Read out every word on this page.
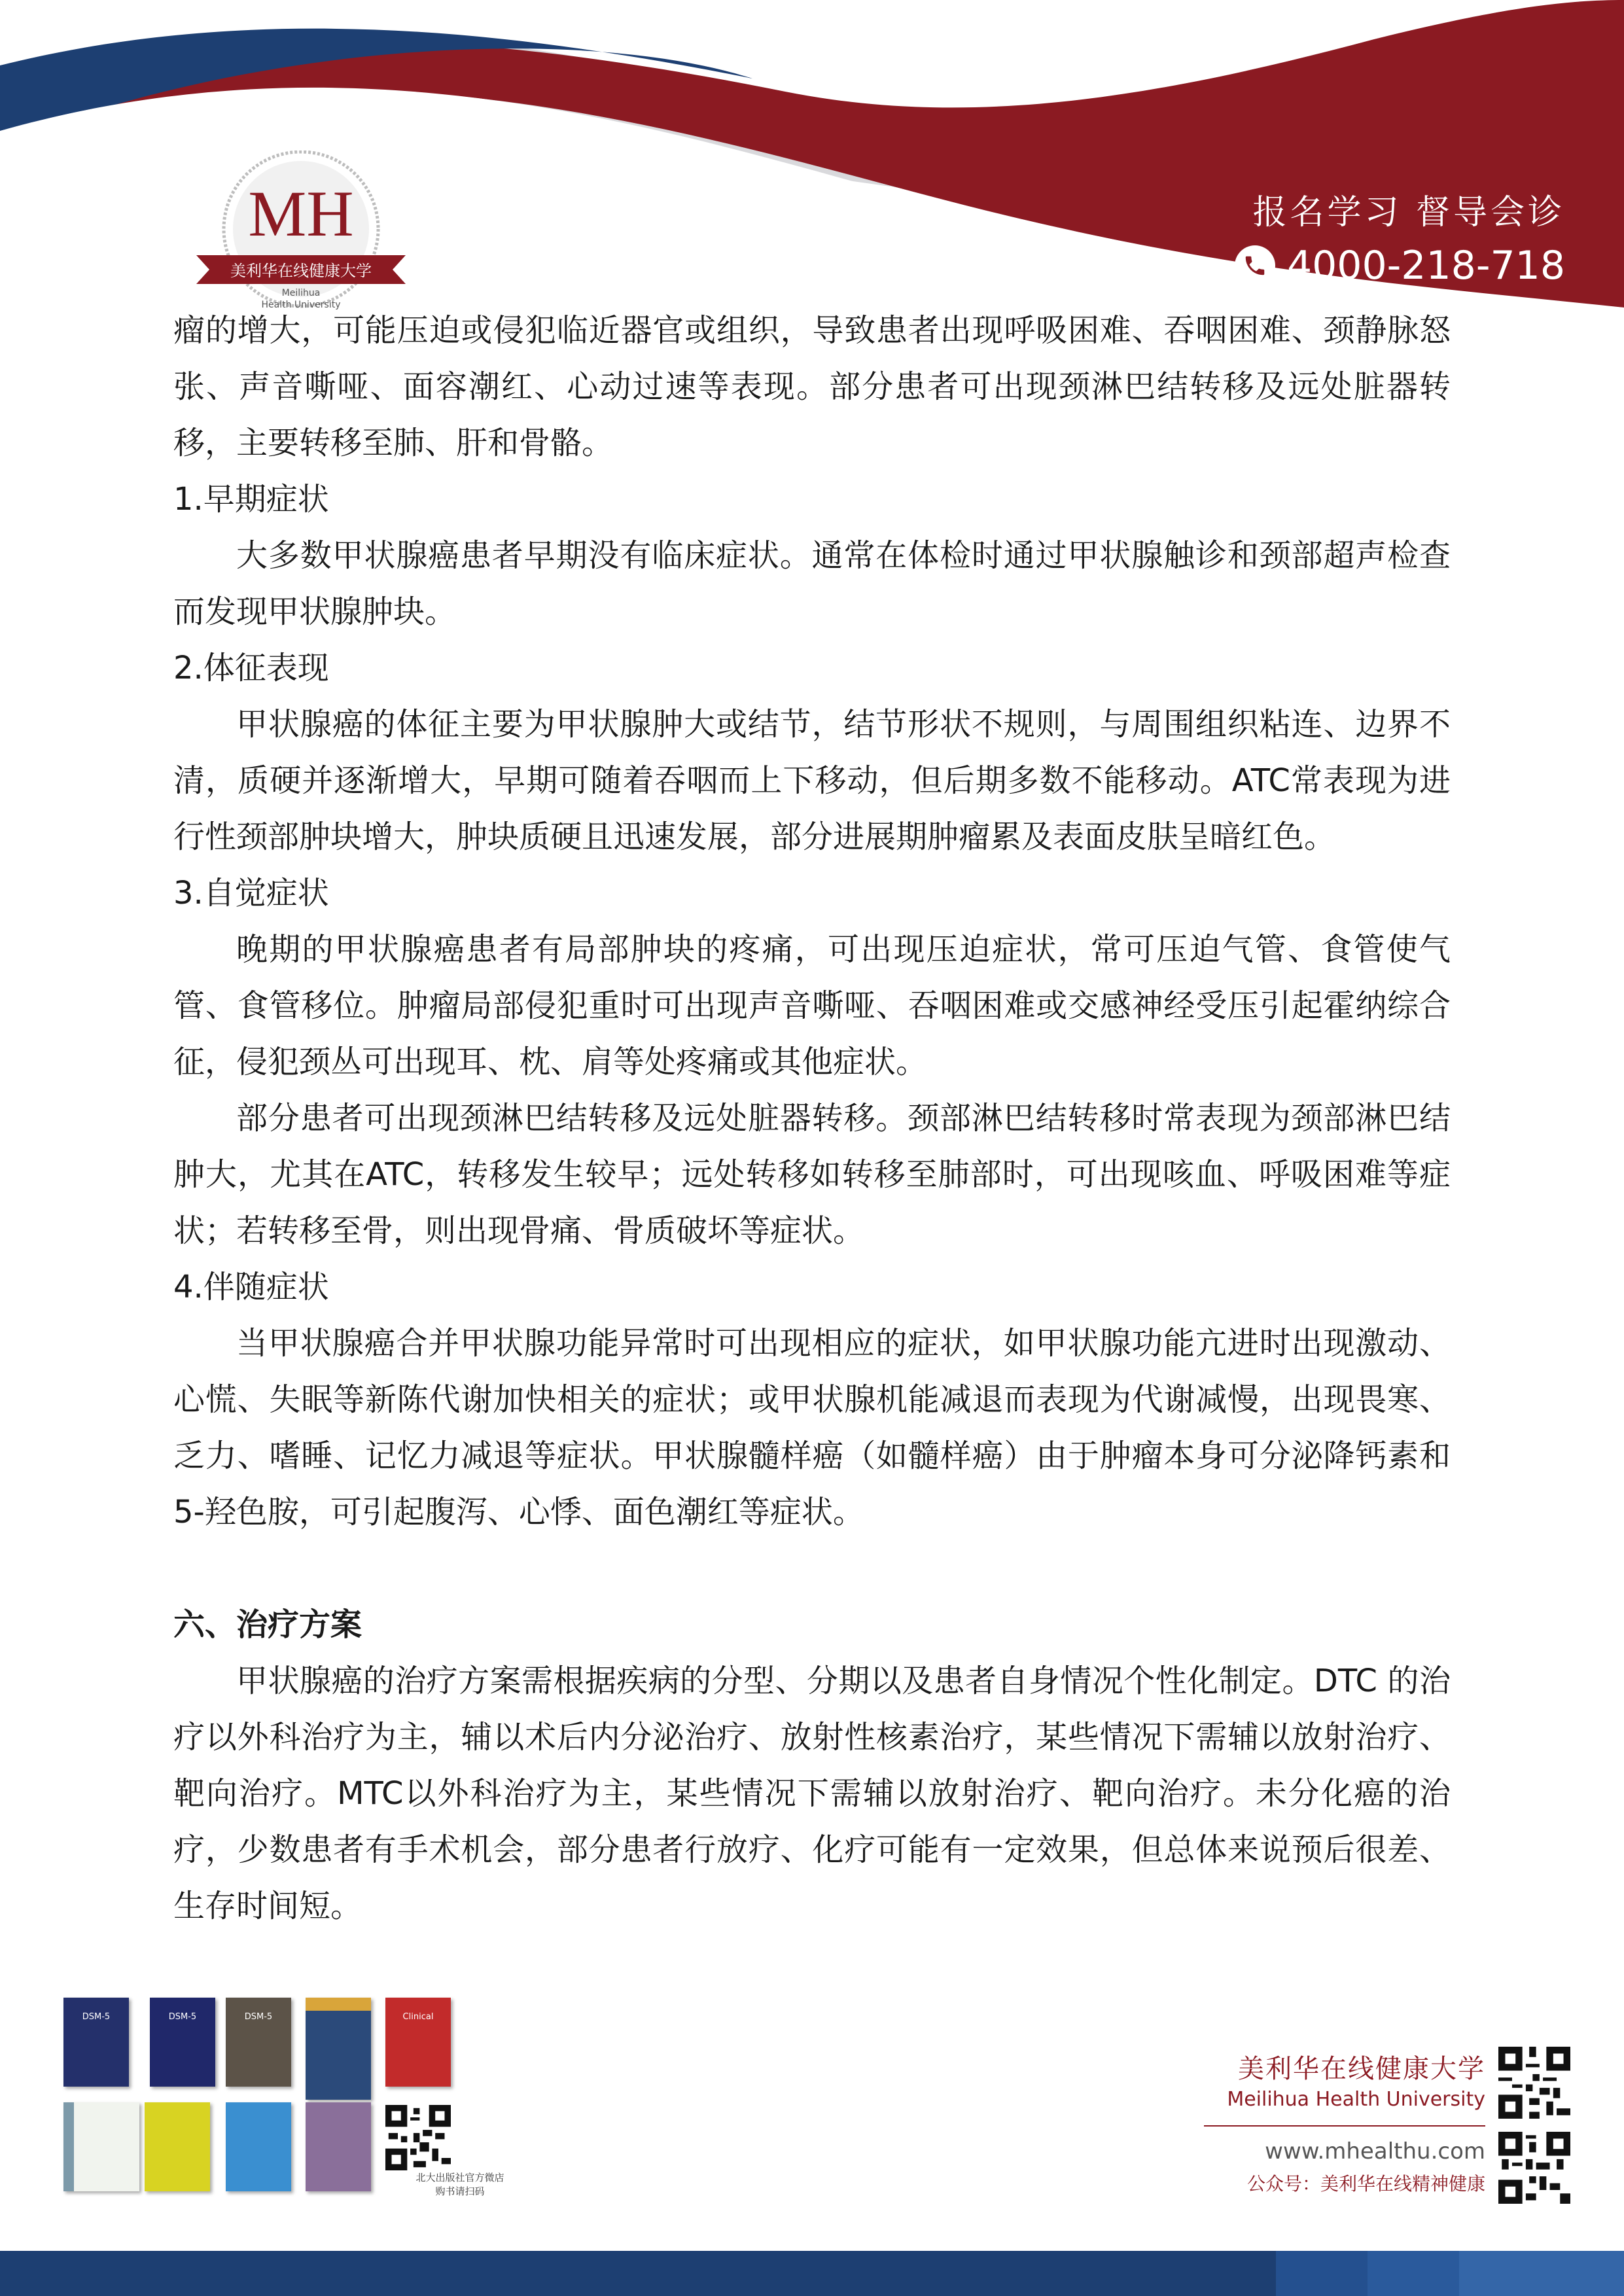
MH
美利华在线健康大学
Meilihua
Health University
报名学习 督导会诊
4000-218-718

瘤的增大，可能压迫或侵犯临近器官或组织，导致患者出现呼吸困难、吞咽困难、颈静脉怒张、声音嘶哑、面容潮红、心动过速等表现。部分患者可出现颈淋巴结转移及远处脏器转移，主要转移至肺、肝和骨骼。

1.早期症状

大多数甲状腺癌患者早期没有临床症状。通常在体检时通过甲状腺触诊和颈部超声检查而发现甲状腺肿块。

2.体征表现

甲状腺癌的体征主要为甲状腺肿大或结节，结节形状不规则，与周围组织粘连、边界不清，质硬并逐渐增大，早期可随着吞咽而上下移动，但后期多数不能移动。ATC常表现为进行性颈部肿块增大，肿块质硬且迅速发展，部分进展期肿瘤累及表面皮肤呈暗红色。

3.自觉症状

晚期的甲状腺癌患者有局部肿块的疼痛，可出现压迫症状，常可压迫气管、食管使气管、食管移位。肿瘤局部侵犯重时可出现声音嘶哑、吞咽困难或交感神经受压引起霍纳综合征，侵犯颈丛可出现耳、枕、肩等处疼痛或其他症状。

部分患者可出现颈淋巴结转移及远处脏器转移。颈部淋巴结转移时常表现为颈部淋巴结肿大，尤其在ATC，转移发生较早；远处转移如转移至肺部时，可出现咳血、呼吸困难等症状；若转移至骨，则出现骨痛、骨质破坏等症状。

4.伴随症状

当甲状腺癌合并甲状腺功能异常时可出现相应的症状，如甲状腺功能亢进时出现激动、心慌、失眠等新陈代谢加快相关的症状；或甲状腺机能减退而表现为代谢减慢，出现畏寒、乏力、嗜睡、记忆力减退等症状。甲状腺髓样癌（如髓样癌）由于肿瘤本身可分泌降钙素和5-羟色胺，可引起腹泻、心悸、面色潮红等症状。

六、治疗方案

甲状腺癌的治疗方案需根据疾病的分型、分期以及患者自身情况个性化制定。DTC 的治疗以外科治疗为主，辅以术后内分泌治疗、放射性核素治疗，某些情况下需辅以放射治疗、靶向治疗。MTC以外科治疗为主，某些情况下需辅以放射治疗、靶向治疗。未分化癌的治疗，少数患者有手术机会，部分患者行放疗、化疗可能有一定效果，但总体来说预后很差、生存时间短。

DSM-5	DSM-5	DSM-5	Clinical
北大出版社官方微店购书请扫码
美利华在线健康大学
Meilihua Health University
www.mhealthu.com
公众号：美利华在线精神健康
